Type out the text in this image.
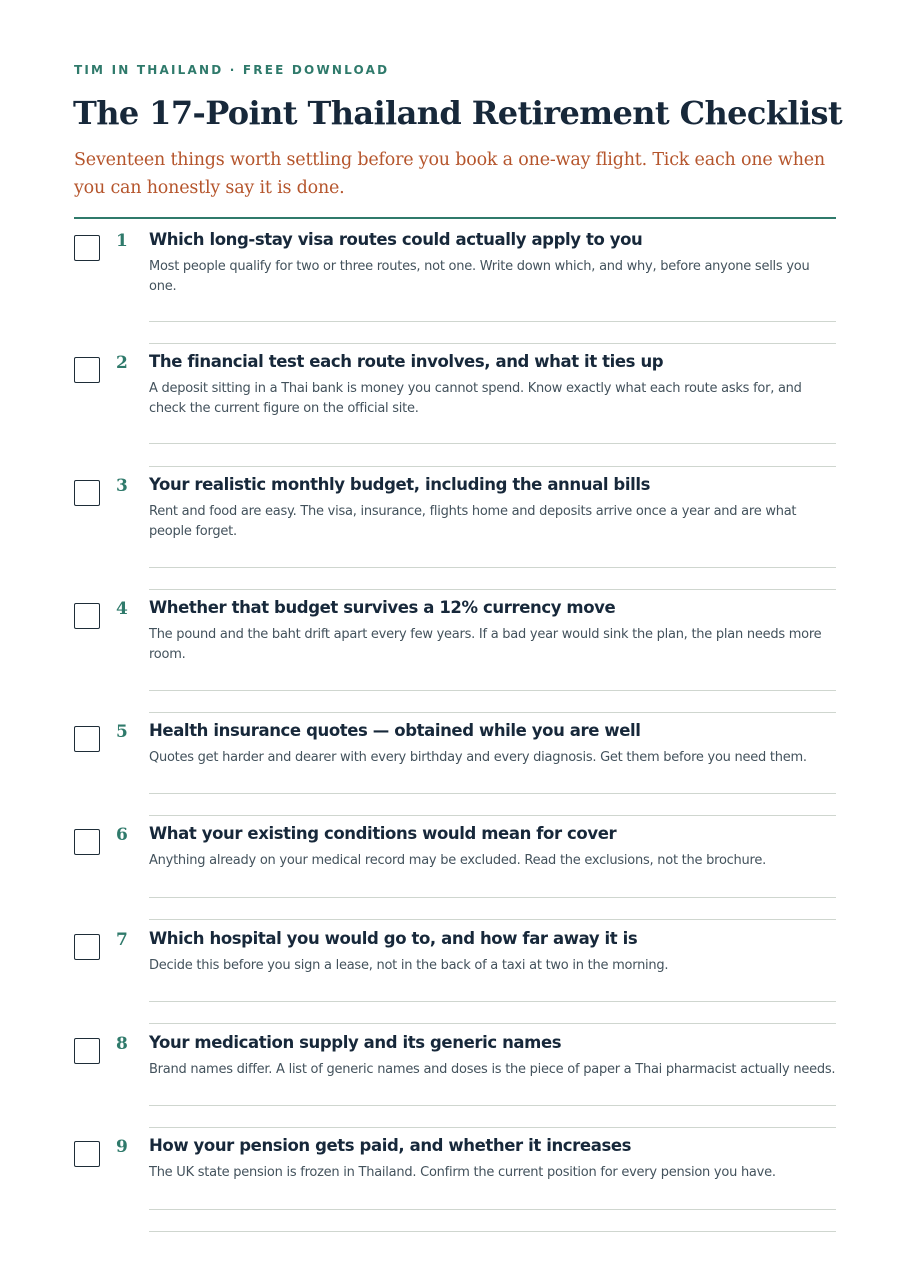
TIM IN THAILAND · FREE DOWNLOAD
The 17-Point Thailand Retirement Checklist

Seventeen things worth settling before you book a one-way flight. Tick each one when you can honestly say it is done.

1 Which long-stay visa routes could actually apply to you
Most people qualify for two or three routes, not one. Write down which, and why, before anyone sells you one.
2 The financial test each route involves, and what it ties up
A deposit sitting in a Thai bank is money you cannot spend. Know exactly what each route asks for, and check the current figure on the official site.
3 Your realistic monthly budget, including the annual bills
Rent and food are easy. The visa, insurance, flights home and deposits arrive once a year and are what people forget.
4 Whether that budget survives a 12% currency move
The pound and the baht drift apart every few years. If a bad year would sink the plan, the plan needs more room.
5 Health insurance quotes — obtained while you are well
Quotes get harder and dearer with every birthday and every diagnosis. Get them before you need them.
6 What your existing conditions would mean for cover
Anything already on your medical record may be excluded. Read the exclusions, not the brochure.
7 Which hospital you would go to, and how far away it is
Decide this before you sign a lease, not in the back of a taxi at two in the morning.
8 Your medication supply and its generic names
Brand names differ. A list of generic names and doses is the piece of paper a Thai pharmacist actually needs.
9 How your pension gets paid, and whether it increases
The UK state pension is frozen in Thailand. Confirm the current position for every pension you have.
